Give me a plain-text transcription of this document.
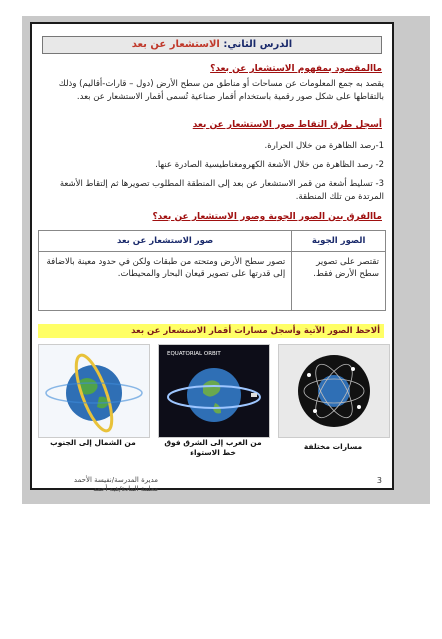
الدرس الثاني: الاستشعار عن بعد
ماالمقصود بمفهوم الاستشعار عن بعد؟
يقصد به جمع المعلومات عن مساحات أو مناطق من سطح الأرض (دول – قارات-أقاليم) وذلك بالتقاطها على شكل صور رقمية باستخدام أقمار صناعية تُسمى أقمار الاستشعار عن بعد.
أسجل طرق التقاط صور الاستشعار عن بعد
1-رصد الظاهرة من خلال الحرارة.
2- رصد الظاهرة من خلال الأشعة الكهرومغناطيسية الصادرة عنها.
3- تسليط أشعة من قمر الاستشعار عن بعد إلى المنطقة المطلوب تصويرها ثم إلتقاط الأشعة المرتدة من تلك المنطقة.
ماالفرق بين الصور الجوية وصور الاستشعار عن بعد؟
الصور الجوية	صور الاستشعار عن بعد
تقتصر على تصوير سطح الأرض فقط.	تصور سطح الأرض ومتحته من طبقات ولكن في حدود معينة بالاضافة إلى قدرتها على تصوير قيعان البحار والمحيطات.
ألاحظ الصور الآتية وأسجل مسارات أقمار الاستشعار عن بعد
من الشمال إلى الجنوب
EQUATORIAL ORBIT
من الغرب إلى الشرق فوق خط الاستواء
مسارات مختلفة
مديرة المدرسة/نفيسة الأحمد
معلمة المادة/هبه أحمد
3
